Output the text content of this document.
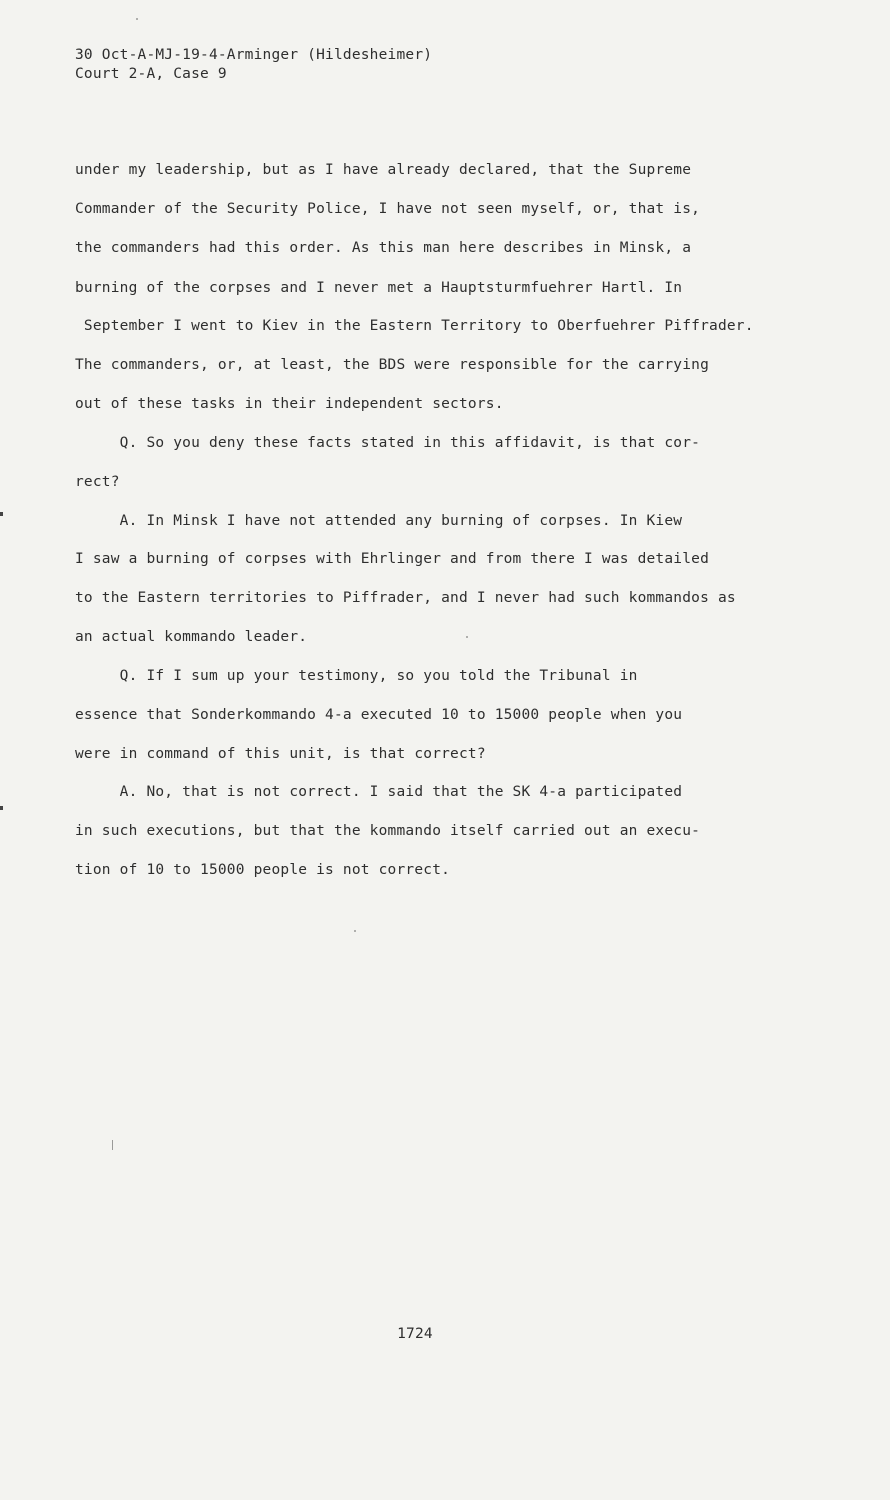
30 Oct-A-MJ-19-4-Arminger (Hildesheimer)
Court 2-A, Case 9
under my leadership, but as I have already declared, that the Supreme
Commander of the Security Police, I have not seen myself, or, that is,
the commanders had this order. As this man here describes in Minsk, a
burning of the corpses and I never met a Hauptsturmfuehrer Hartl. In
September I went to Kiev in the Eastern Territory to Oberfuehrer Piffrader.
The commanders, or, at least, the BDS were responsible for the carrying
out of these tasks in their independent sectors.
Q. So you deny these facts stated in this affidavit, is that cor-
rect?
A. In Minsk I have not attended any burning of corpses. In Kiew
I saw a burning of corpses with Ehrlinger and from there I was detailed
to the Eastern territories to Piffrader, and I never had such kommandos as
an actual kommando leader.
Q. If I sum up your testimony, so you told the Tribunal in
essence that Sonderkommando 4-a executed 10 to 15000 people when you
were in command of this unit, is that correct?
A. No, that is not correct. I said that the SK 4-a participated
in such executions, but that the kommando itself carried out an execu-
tion of 10 to 15000 people is not correct.
1724
